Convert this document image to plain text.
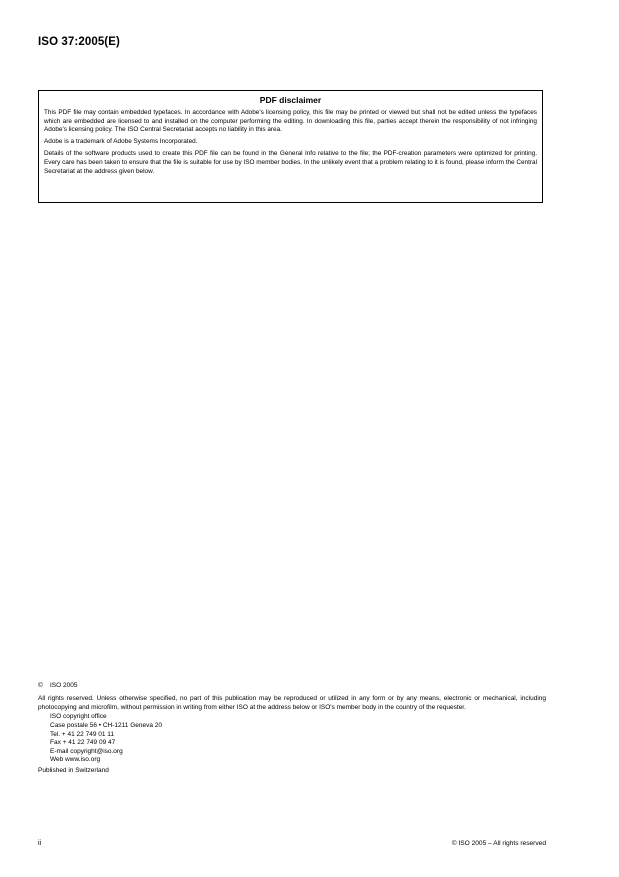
ISO 37:2005(E)
PDF disclaimer

This PDF file may contain embedded typefaces. In accordance with Adobe's licensing policy, this file may be printed or viewed but shall not be edited unless the typefaces which are embedded are licensed to and installed on the computer performing the editing. In downloading this file, parties accept therein the responsibility of not infringing Adobe's licensing policy. The ISO Central Secretariat accepts no liability in this area.

Adobe is a trademark of Adobe Systems Incorporated.

Details of the software products used to create this PDF file can be found in the General Info relative to the file; the PDF-creation parameters were optimized for printing. Every care has been taken to ensure that the file is suitable for use by ISO member bodies. In the unlikely event that a problem relating to it is found, please inform the Central Secretariat at the address given below.

© ISO 2005
All rights reserved. Unless otherwise specified, no part of this publication may be reproduced or utilized in any form or by any means, electronic or mechanical, including photocopying and microfilm, without permission in writing from either ISO at the address below or ISO's member body in the country of the requester.
ISO copyright office
Case postale 56 • CH-1211 Geneva 20
Tel. + 41 22 749 01 11
Fax + 41 22 749 09 47
E-mail copyright@iso.org
Web www.iso.org

Published in Switzerland

ii	© ISO 2005 – All rights reserved
